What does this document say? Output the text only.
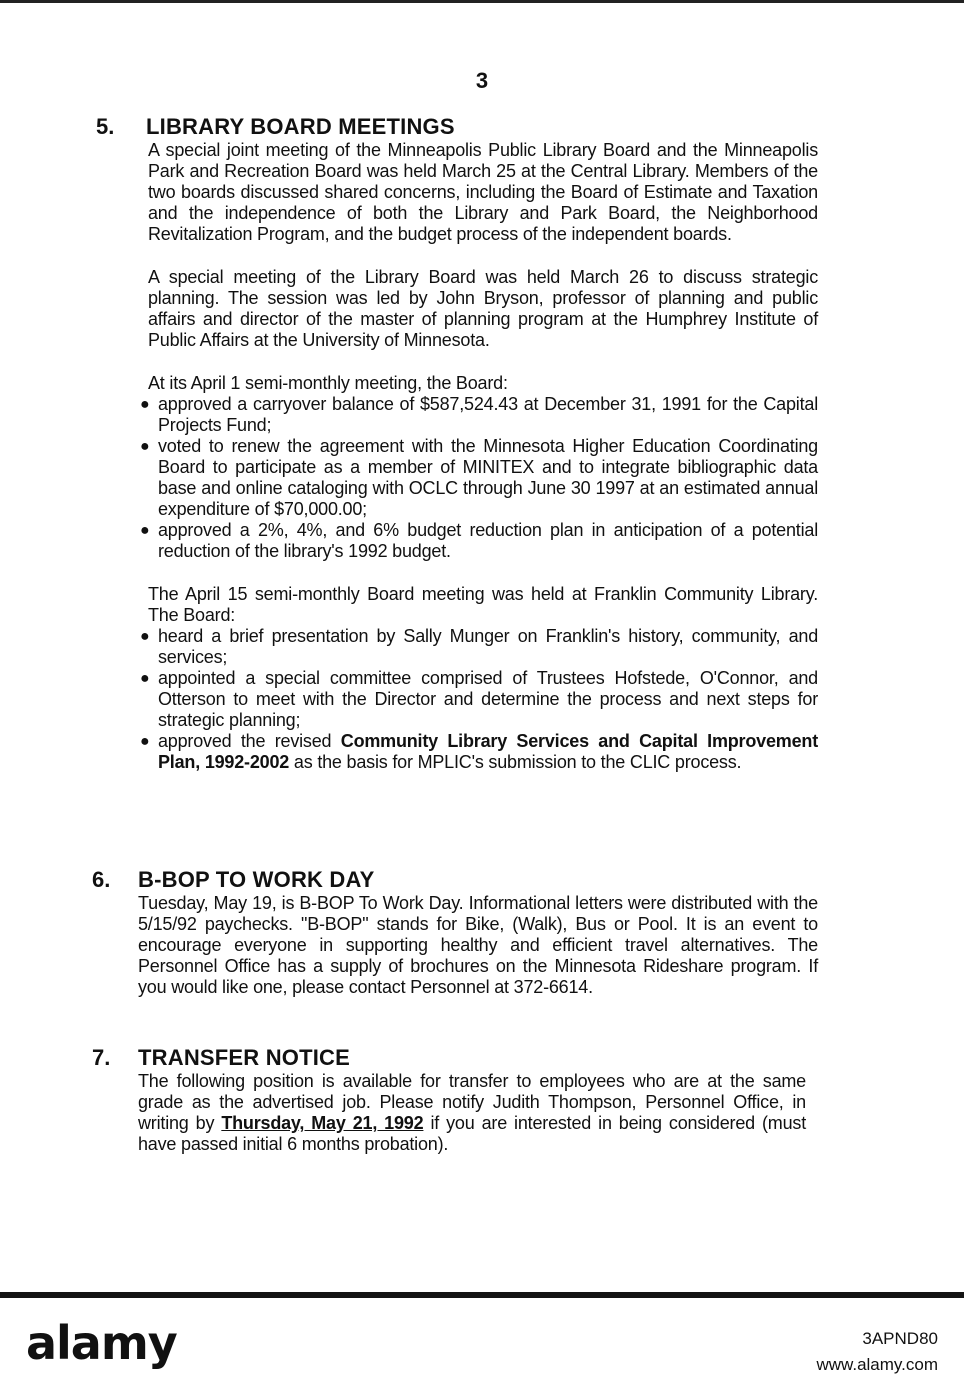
3
5.	LIBRARY BOARD MEETINGS

A special joint meeting of the Minneapolis Public Library Board and the Minneapolis Park and Recreation Board was held March 25 at the Central Library. Members of the two boards discussed shared concerns, including the Board of Estimate and Taxation and the independence of both the Library and Park Board, the Neighborhood Revitalization Program, and the budget process of the independent boards.

A special meeting of the Library Board was held March 26 to discuss strategic planning. The session was led by John Bryson, professor of planning and public affairs and director of the master of planning program at the Humphrey Institute of Public Affairs at the University of Minnesota.

At its April 1 semi-monthly meeting, the Board:

● approved a carryover balance of $587,524.43 at December 31, 1991 for the Capital Projects Fund;
● voted to renew the agreement with the Minnesota Higher Education Coordinating Board to participate as a member of MINITEX and to integrate bibliographic data base and online cataloging with OCLC through June 30 1997 at an estimated annual expenditure of $70,000.00;
● approved a 2%, 4%, and 6% budget reduction plan in anticipation of a potential reduction of the library's 1992 budget.

The April 15 semi-monthly Board meeting was held at Franklin Community Library. The Board:

● heard a brief presentation by Sally Munger on Franklin's history, community, and services;
● appointed a special committee comprised of Trustees Hofstede, O'Connor, and Otterson to meet with the Director and determine the process and next steps for strategic planning;
● approved the revised Community Library Services and Capital Improvement Plan, 1992-2002 as the basis for MPLIC's submission to the CLIC process.
6.	B-BOP TO WORK DAY

Tuesday, May 19, is B-BOP To Work Day. Informational letters were distributed with the 5/15/92 paychecks. "B-BOP" stands for Bike, (Walk), Bus or Pool. It is an event to encourage everyone in supporting healthy and efficient travel alternatives. The Personnel Office has a supply of brochures on the Minnesota Rideshare program. If you would like one, please contact Personnel at 372-6614.

7.	TRANSFER NOTICE

The following position is available for transfer to employees who are at the same grade as the advertised job. Please notify Judith Thompson, Personnel Office, in writing by Thursday, May 21, 1992 if you are interested in being considered (must have passed initial 6 months probation).

alamy	3APND80
www.alamy.com
